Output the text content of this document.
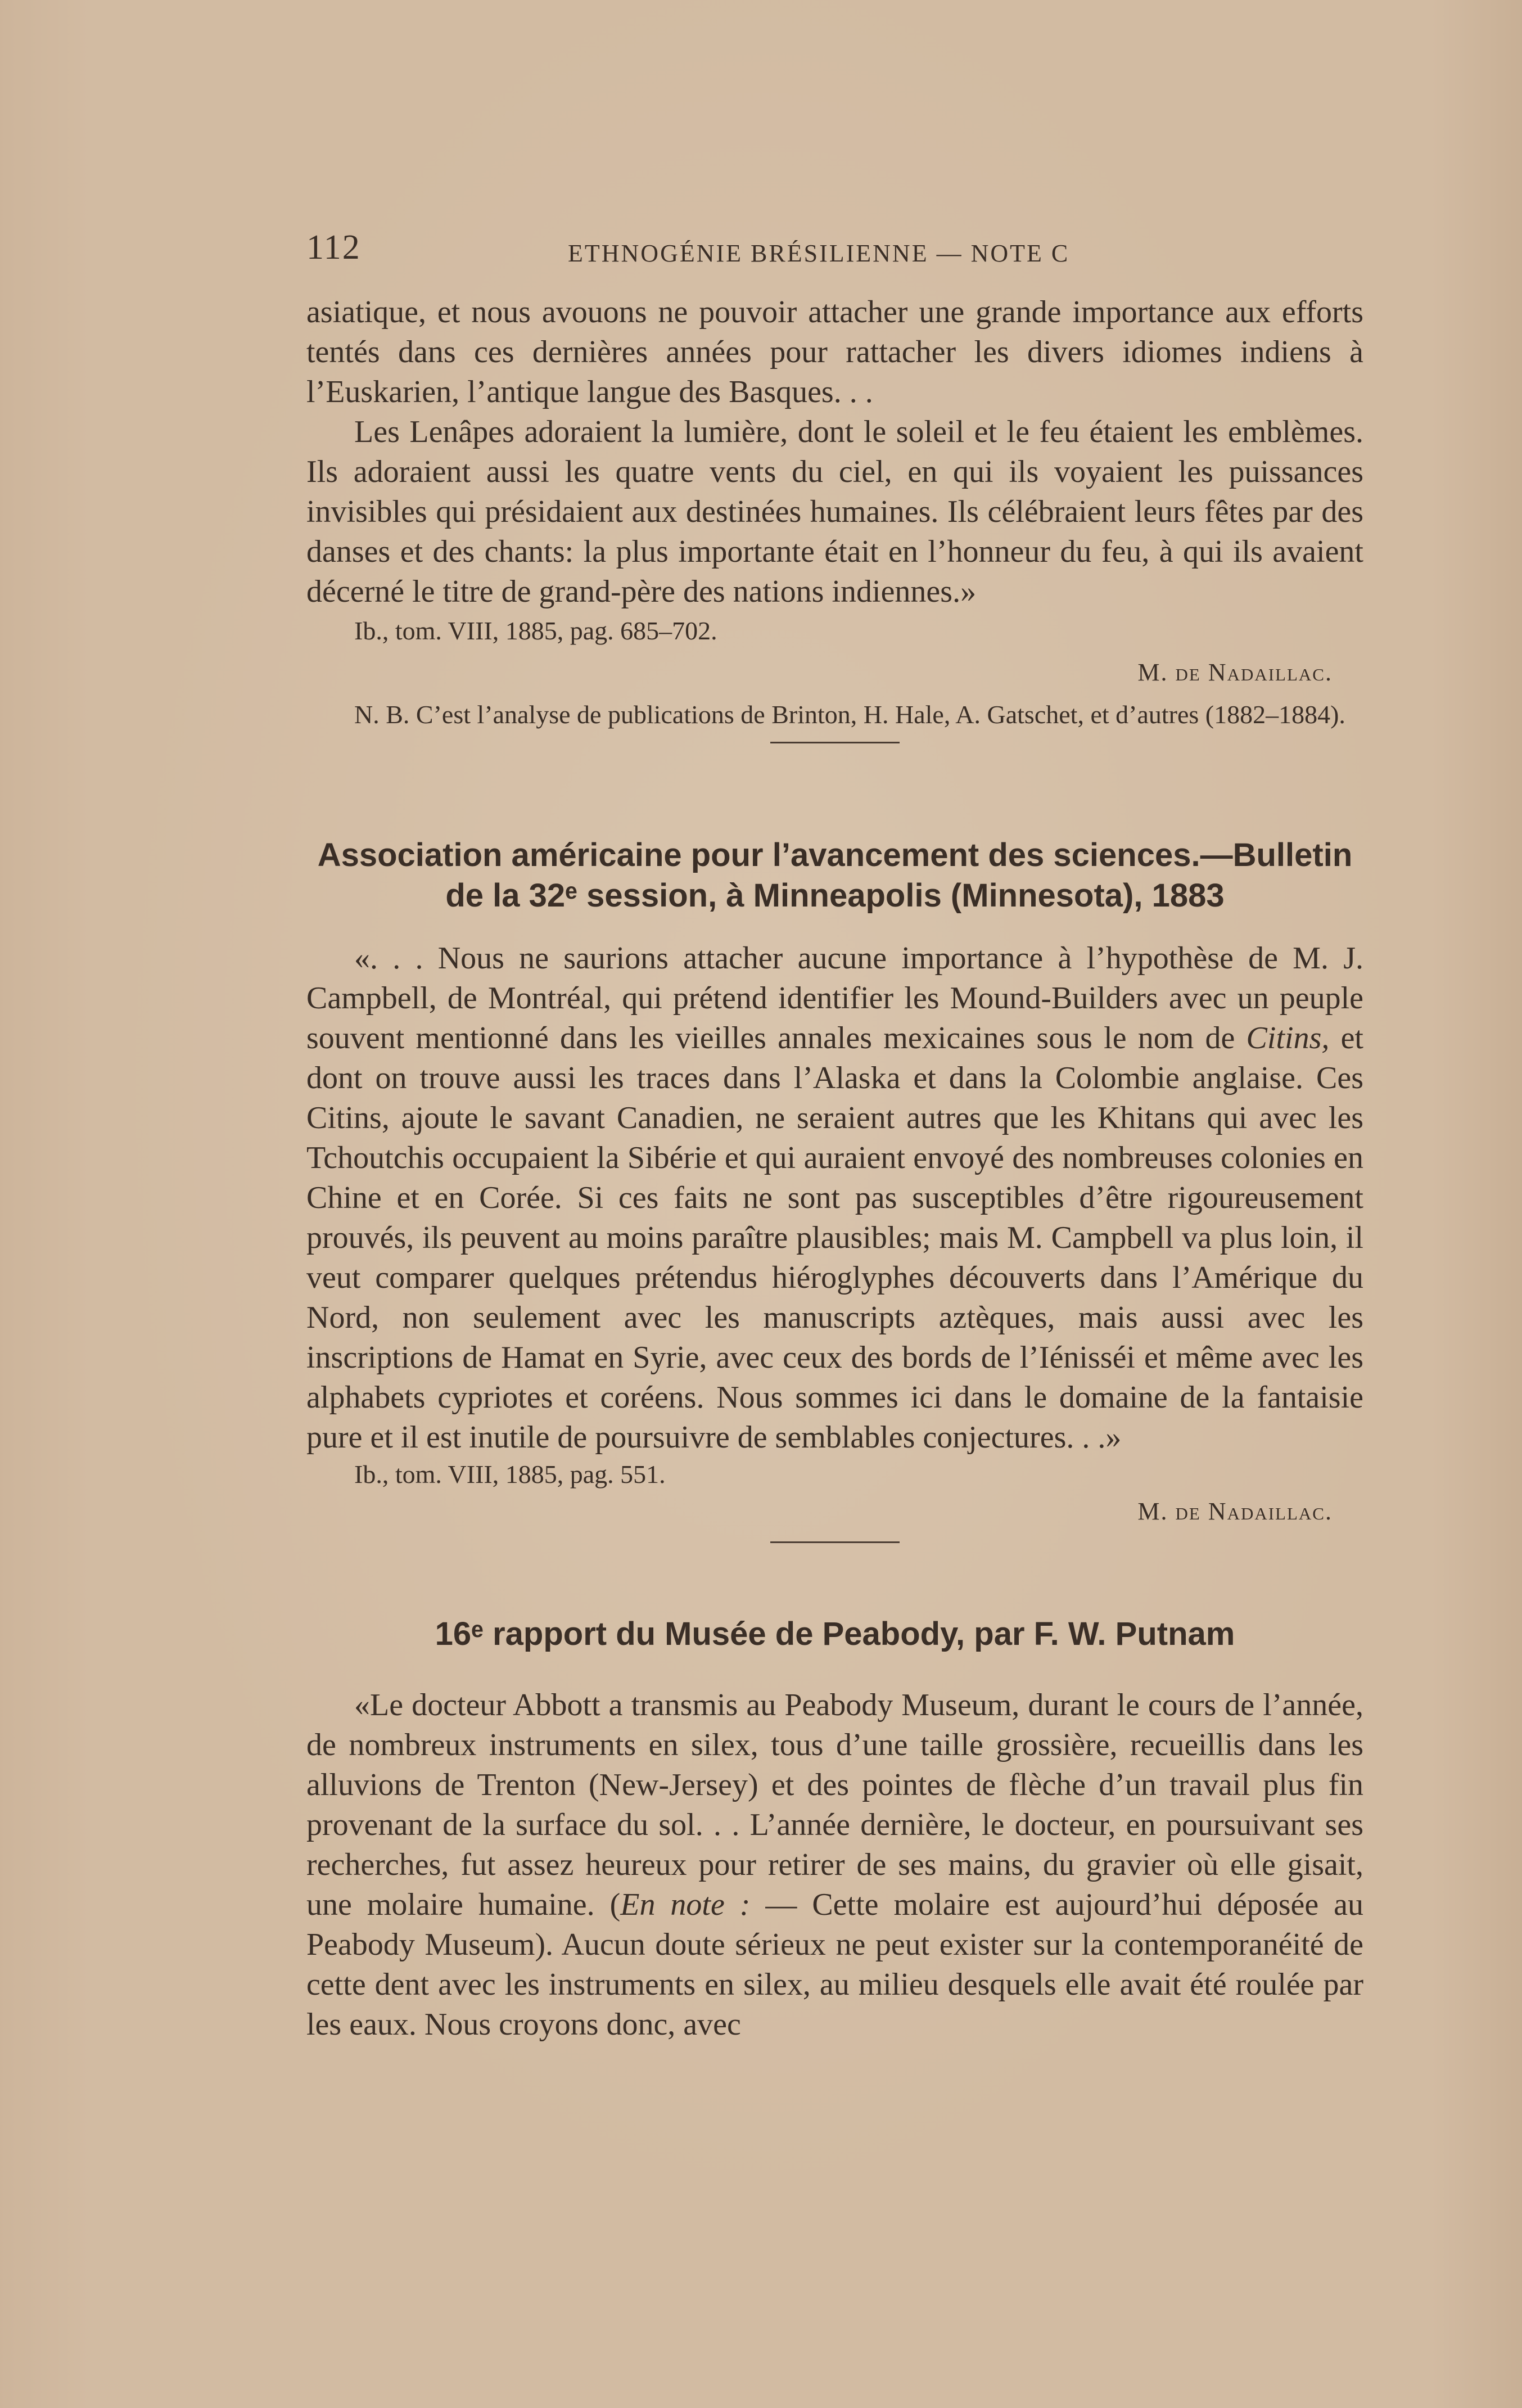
112	ETHNOGÉNIE BRÉSILIENNE — NOTE C

asiatique, et nous avouons ne pouvoir attacher une grande importance aux efforts tentés dans ces dernières années pour rattacher les divers idiomes indiens à l’Euskarien, l’antique langue des Basques. . .

Les Lenâpes adoraient la lumière, dont le soleil et le feu étaient les emblèmes. Ils adoraient aussi les quatre vents du ciel, en qui ils voyaient les puissances invisibles qui présidaient aux destinées humaines. Ils célébraient leurs fêtes par des danses et des chants: la plus importante était en l’honneur du feu, à qui ils avaient décerné le titre de grand-père des nations indiennes.»

Ib., tom. VIII, 1885, pag. 685–702.

M. de Nadaillac.

N. B. C’est l’analyse de publications de Brinton, H. Hale, A. Gatschet, et d’autres (1882–1884).

Association américaine pour l’avancement des sciences.—Bulletin
de la 32ᵉ session, à Minneapolis (Minnesota), 1883

«. . . Nous ne saurions attacher aucune importance à l’hypothèse de M. J. Campbell, de Montréal, qui prétend identifier les Mound-Builders avec un peuple souvent mentionné dans les vieilles annales mexicaines sous le nom de Citins, et dont on trouve aussi les traces dans l’Alaska et dans la Colombie anglaise. Ces Citins, ajoute le savant Canadien, ne seraient autres que les Khitans qui avec les Tchoutchis occupaient la Sibérie et qui auraient envoyé des nombreuses colonies en Chine et en Corée. Si ces faits ne sont pas susceptibles d’être rigoureusement prouvés, ils peuvent au moins paraître plausibles; mais M. Campbell va plus loin, il veut comparer quelques prétendus hiéroglyphes découverts dans l’Amérique du Nord, non seulement avec les manuscripts aztèques, mais aussi avec les inscriptions de Hamat en Syrie, avec ceux des bords de l’Iénisséi et même avec les alphabets cypriotes et coréens. Nous sommes ici dans le domaine de la fantaisie pure et il est inutile de poursuivre de semblables conjectures. . .»

Ib., tom. VIII, 1885, pag. 551.

M. de Nadaillac.

16ᵉ rapport du Musée de Peabody, par F. W. Putnam

«Le docteur Abbott a transmis au Peabody Museum, durant le cours de l’année, de nombreux instruments en silex, tous d’une taille grossière, recueillis dans les alluvions de Trenton (New-Jersey) et des pointes de flèche d’un travail plus fin provenant de la surface du sol. . . L’année dernière, le docteur, en poursuivant ses recherches, fut assez heureux pour retirer de ses mains, du gravier où elle gisait, une molaire humaine. (En note : — Cette molaire est aujourd’hui déposée au Peabody Museum). Aucun doute sérieux ne peut exister sur la contemporanéité de cette dent avec les instruments en silex, au milieu desquels elle avait été roulée par les eaux. Nous croyons donc, avec
